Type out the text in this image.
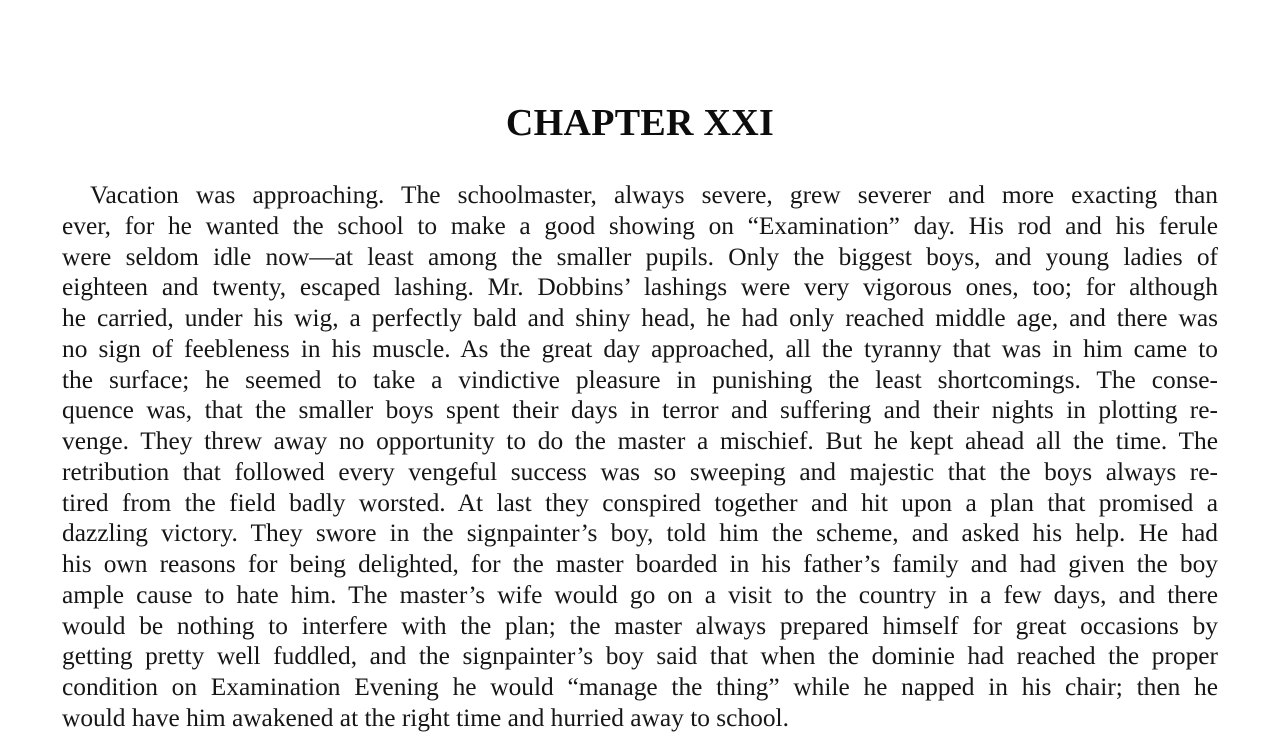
CHAPTER XXI
Vacation was approaching. The schoolmaster, always severe, grew severer and more exacting than
ever, for he wanted the school to make a good showing on “Examination” day. His rod and his ferule
were seldom idle now—at least among the smaller pupils. Only the biggest boys, and young ladies of
eighteen and twenty, escaped lashing. Mr. Dobbins’ lashings were very vigorous ones, too; for although
he carried, under his wig, a perfectly bald and shiny head, he had only reached middle age, and there was
no sign of feebleness in his muscle. As the great day approached, all the tyranny that was in him came to
the surface; he seemed to take a vindictive pleasure in punishing the least shortcomings. The conse-
quence was, that the smaller boys spent their days in terror and suffering and their nights in plotting re-
venge. They threw away no opportunity to do the master a mischief. But he kept ahead all the time. The
retribution that followed every vengeful success was so sweeping and majestic that the boys always re-
tired from the field badly worsted. At last they conspired together and hit upon a plan that promised a
dazzling victory. They swore in the signpainter’s boy, told him the scheme, and asked his help. He had
his own reasons for being delighted, for the master boarded in his father’s family and had given the boy
ample cause to hate him. The master’s wife would go on a visit to the country in a few days, and there
would be nothing to interfere with the plan; the master always prepared himself for great occasions by
getting pretty well fuddled, and the signpainter’s boy said that when the dominie had reached the proper
condition on Examination Evening he would “manage the thing” while he napped in his chair; then he
would have him awakened at the right time and hurried away to school.
